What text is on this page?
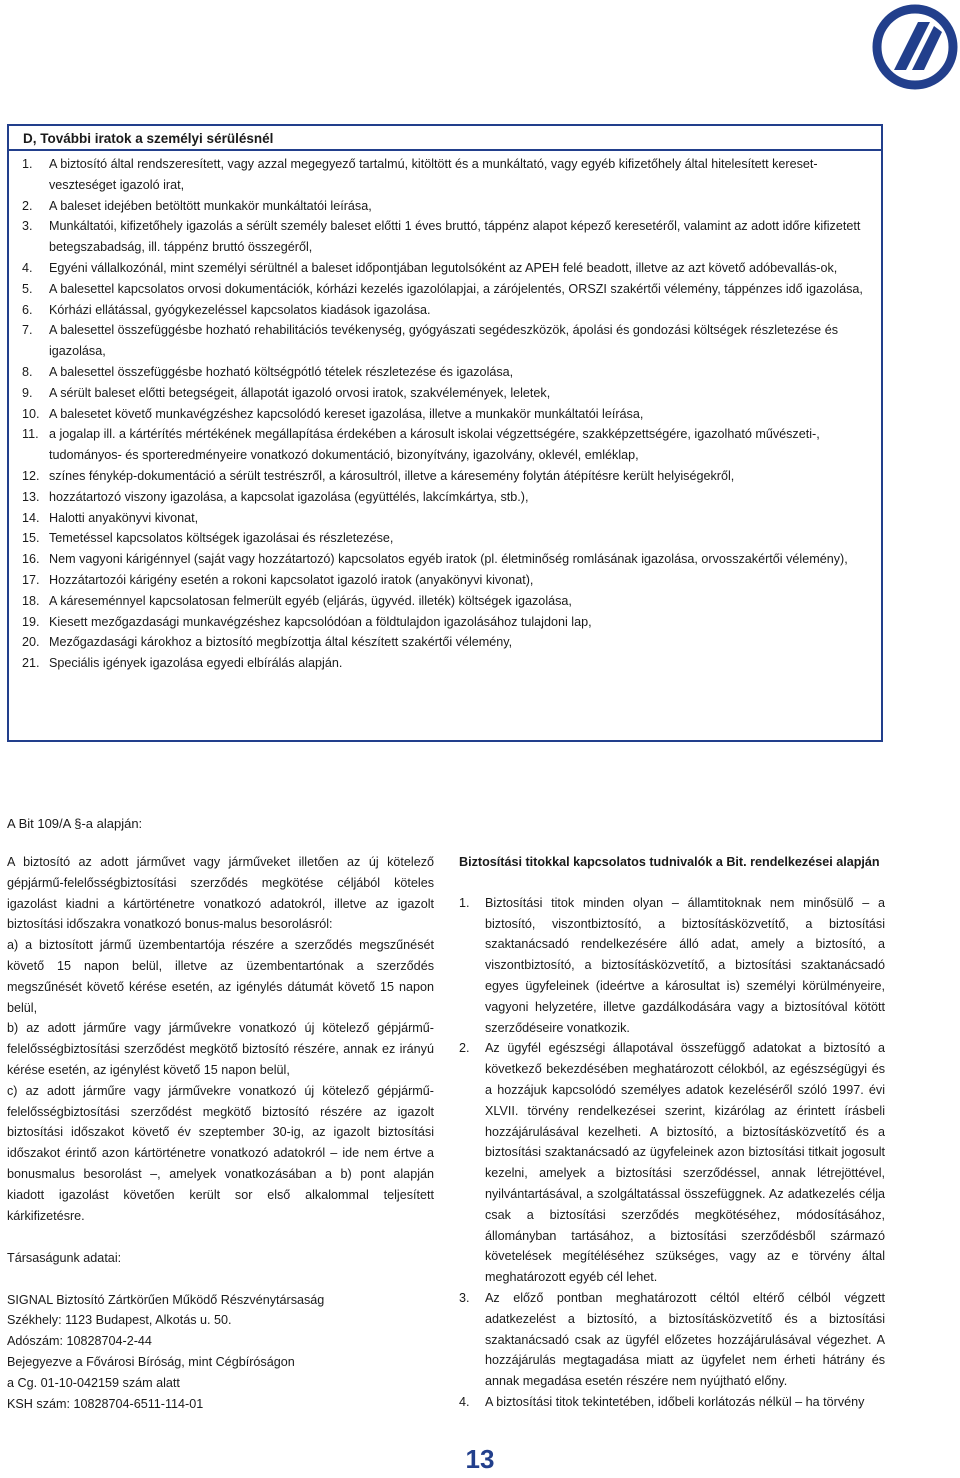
D, További iratok a személyi sérülésnél
1. A biztosító által rendszeresített, vagy azzal megegyező tartalmú, kitöltött és a munkáltató, vagy egyéb kifizetőhely által hitelesített kereset-veszteséget igazoló irat,
2. A baleset idejében betöltött munkakör munkáltatói leírása,
3. Munkáltatói, kifizetőhely igazolás a sérült személy baleset előtti 1 éves bruttó, táppénz alapot képező keresetéről, valamint az adott időre kifizetett betegszabadság, ill. táppénz bruttó összegéről,
4. Egyéni vállalkozónál, mint személyi sérültnél a baleset időpontjában legutolsóként az APEH felé beadott, illetve az azt követő adóbevallás-ok,
5. A balesettel kapcsolatos orvosi dokumentációk, kórházi kezelés igazolólapjai, a zárójelentés, ORSZI szakértői vélemény, táppénzes idő igazolása,
6. Kórházi ellátással, gyógykezeléssel kapcsolatos kiadások igazolása.
7. A balesettel összefüggésbe hozható rehabilitációs tevékenység, gyógyászati segédeszközök, ápolási és gondozási költségek részletezése és igazolása,
8. A balesettel összefüggésbe hozható költségpótló tételek részletezése és igazolása,
9. A sérült baleset előtti betegségeit, állapotát igazoló orvosi iratok, szakvélemények, leletek,
10. A balesetet követő munkavégzéshez kapcsolódó kereset igazolása, illetve a munkakör munkáltatói leírása,
11. a jogalap ill. a kártérítés mértékének megállapítása érdekében a károsult iskolai végzettségére, szakképzettségére, igazolható művészeti-, tudományos- és sporteredményeire vonatkozó dokumentáció, bizonyítvány, igazolvány, oklevél, emléklap,
12. színes fénykép-dokumentáció a sérült testrészről, a károsultról, illetve a káresemény folytán átépítésre került helyiségekről,
13. hozzátartozó viszony igazolása, a kapcsolat igazolása (együttélés, lakcímkártya, stb.),
14. Halotti anyakönyvi kivonat,
15. Temetéssel kapcsolatos költségek igazolásai és részletezése,
16. Nem vagyoni kárigénnyel (saját vagy hozzátartozó) kapcsolatos egyéb iratok (pl. életminőség romlásának igazolása, orvosszakértői vélemény),
17. Hozzátartozói kárigény esetén a rokoni kapcsolatot igazoló iratok (anyakönyvi kivonat),
18. A káreseménnyel kapcsolatosan felmerült egyéb (eljárás, ügyvéd. illeték) költségek igazolása,
19. Kiesett mezőgazdasági munkavégzéshez kapcsolódóan a földtulajdon igazolásához tulajdoni lap,
20. Mezőgazdasági károkhoz a biztosító megbízottja által készített szakértői vélemény,
21. Speciális igények igazolása egyedi elbírálás alapján.
A Bit 109/A §-a alapján:

A biztosító az adott járművet vagy járműveket illetően az új kötelező gépjármű-felelősségbiztosítási szerződés megkötése céljából köteles igazolást kiadni a kártörténetre vonatkozó adatokról, illetve az igazolt biztosítási időszakra vonatkozó bonus-malus besorolásról:

a) a biztosított jármű üzembentartója részére a szerződés megszűnését követő 15 napon belül, illetve az üzembentartónak a szerződés megszűnését követő kérése esetén, az igénylés dátumát követő 15 napon belül,

b) az adott járműre vagy járművekre vonatkozó új kötelező gépjármű-felelősségbiztosítási szerződést megkötő biztosító részére, annak ez irányú kérése esetén, az igénylést követő 15 napon belül,

c) az adott járműre vagy járművekre vonatkozó új kötelező gépjármű-felelősségbiztosítási szerződést megkötő biztosító részére az igazolt biztosítási időszakot követő év szeptember 30-ig, az igazolt biztosítási időszakot érintő azon kártörténetre vonatkozó adatokról – ide nem értve a bonusmalus besorolást –, amelyek vonatkozásában a b) pont alapján kiadott igazolást követően került sor első alkalommal teljesített kárkifizetésre.

Társaságunk adatai:
SIGNAL Biztosító Zártkörűen Működő Részvénytársaság
Székhely: 1123 Budapest, Alkotás u. 50.
Adószám: 10828704-2-44
Bejegyezve a Fővárosi Bíróság, mint Cégbíróságon
a Cg. 01-10-042159 szám alatt
KSH szám: 10828704-6511-114-01
Biztosítási titokkal kapcsolatos tudnivalók a Bit. rendelkezései alapján
1. Biztosítási titok minden olyan – államtitoknak nem minősülő – a biztosító, viszontbiztosító, a biztosításközvetítő, a biztosítási szaktanácsadó rendelkezésére álló adat, amely a biztosító, a viszontbiztosító, a biztosításközvetítő, a biztosítási szaktanácsadó egyes ügyfeleinek (ideértve a károsultat is) személyi körülményeire, vagyoni helyzetére, illetve gazdálkodására vagy a biztosítóval kötött szerződéseire vonatkozik.
2. Az ügyfél egészségi állapotával összefüggő adatokat a biztosító a következő bekezdésében meghatározott célokból, az egészségügyi és a hozzájuk kapcsolódó személyes adatok kezeléséről szóló 1997. évi XLVII. törvény rendelkezései szerint, kizárólag az érintett írásbeli hozzájárulásával kezelheti. A biztosító, a biztosításközvetítő és a biztosítási szaktanácsadó az ügyfeleinek azon biztosítási titkait jogosult kezelni, amelyek a biztosítási szerződéssel, annak létrejöttével, nyilvántartásával, a szolgáltatással összefüggnek. Az adatkezelés célja csak a biztosítási szerződés megkötéséhez, módosításához, állományban tartásához, a biztosítási szerződésből származó követelések megítéléséhez szükséges, vagy az e törvény által meghatározott egyéb cél lehet.
3. Az előző pontban meghatározott céltól eltérő célból végzett adatkezelést a biztosító, a biztosításközvetítő és a biztosítási szaktanácsadó csak az ügyfél előzetes hozzájárulásával végezhet. A hozzájárulás megtagadása miatt az ügyfelet nem érheti hátrány és annak megadása esetén részére nem nyújtható előny.
4. A biztosítási titok tekintetében, időbeli korlátozás nélkül – ha törvény
13
